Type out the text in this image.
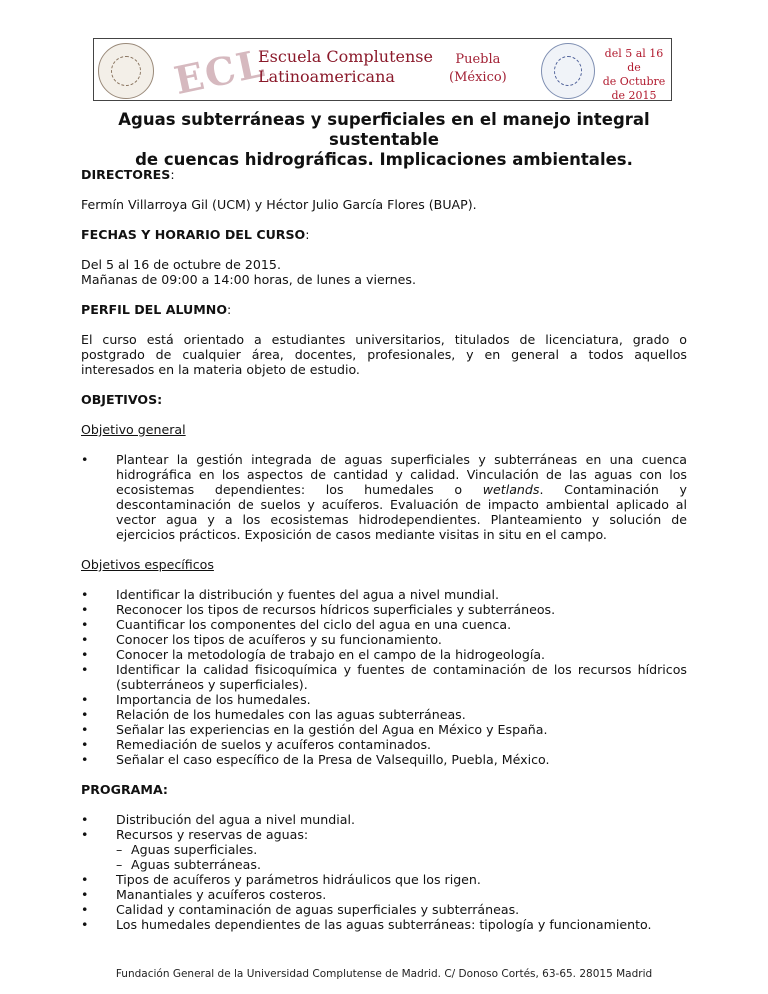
ECL
Escuela Complutense
Latinoamericana
Puebla
(México)
del 5 al 16 de
de Octubre
de 2015
Aguas subterráneas y superficiales en el manejo integral sustentable
de cuencas hidrográficas. Implicaciones ambientales.

DIRECTORES:

Fermín Villarroya Gil (UCM) y Héctor Julio García Flores (BUAP).

FECHAS Y HORARIO DEL CURSO:

Del 5 al 16 de octubre de 2015.

Mañanas de 09:00 a 14:00 horas, de lunes a viernes.

PERFIL DEL ALUMNO:

El curso está orientado a estudiantes universitarios, titulados de licenciatura, grado o postgrado de cualquier área, docentes, profesionales, y en general a todos aquellos interesados en la materia objeto de estudio.

OBJETIVOS:

Objetivo general

• Plantear la gestión integrada de aguas superficiales y subterráneas en una cuenca hidrográfica en los aspectos de cantidad y calidad. Vinculación de las aguas con los ecosistemas dependientes: los humedales o wetlands. Contaminación y descontaminación de suelos y acuíferos. Evaluación de impacto ambiental aplicado al vector agua y a los ecosistemas hidrodependientes. Planteamiento y solución de ejercicios prácticos. Exposición de casos mediante visitas in situ en el campo.

Objetivos específicos

• Identificar la distribución y fuentes del agua a nivel mundial.
• Reconocer los tipos de recursos hídricos superficiales y subterráneos.
• Cuantificar los componentes del ciclo del agua en una cuenca.
• Conocer los tipos de acuíferos y su funcionamiento.
• Conocer la metodología de trabajo en el campo de la hidrogeología.
• Identificar la calidad fisicoquímica y fuentes de contaminación de los recursos hídricos (subterráneos y superficiales).
• Importancia de los humedales.
• Relación de los humedales con las aguas subterráneas.
• Señalar las experiencias en la gestión del Agua en México y España.
• Remediación de suelos y acuíferos contaminados.
• Señalar el caso específico de la Presa de Valsequillo, Puebla, México.

PROGRAMA:

• Distribución del agua a nivel mundial.
• Recursos y reservas de aguas:
– Aguas superficiales.
– Aguas subterráneas.
• Tipos de acuíferos y parámetros hidráulicos que los rigen.
• Manantiales y acuíferos costeros.
• Calidad y contaminación de aguas superficiales y subterráneas.
• Los humedales dependientes de las aguas subterráneas: tipología y funcionamiento.
Fundación General de la Universidad Complutense de Madrid. C/ Donoso Cortés, 63-65. 28015 Madrid
